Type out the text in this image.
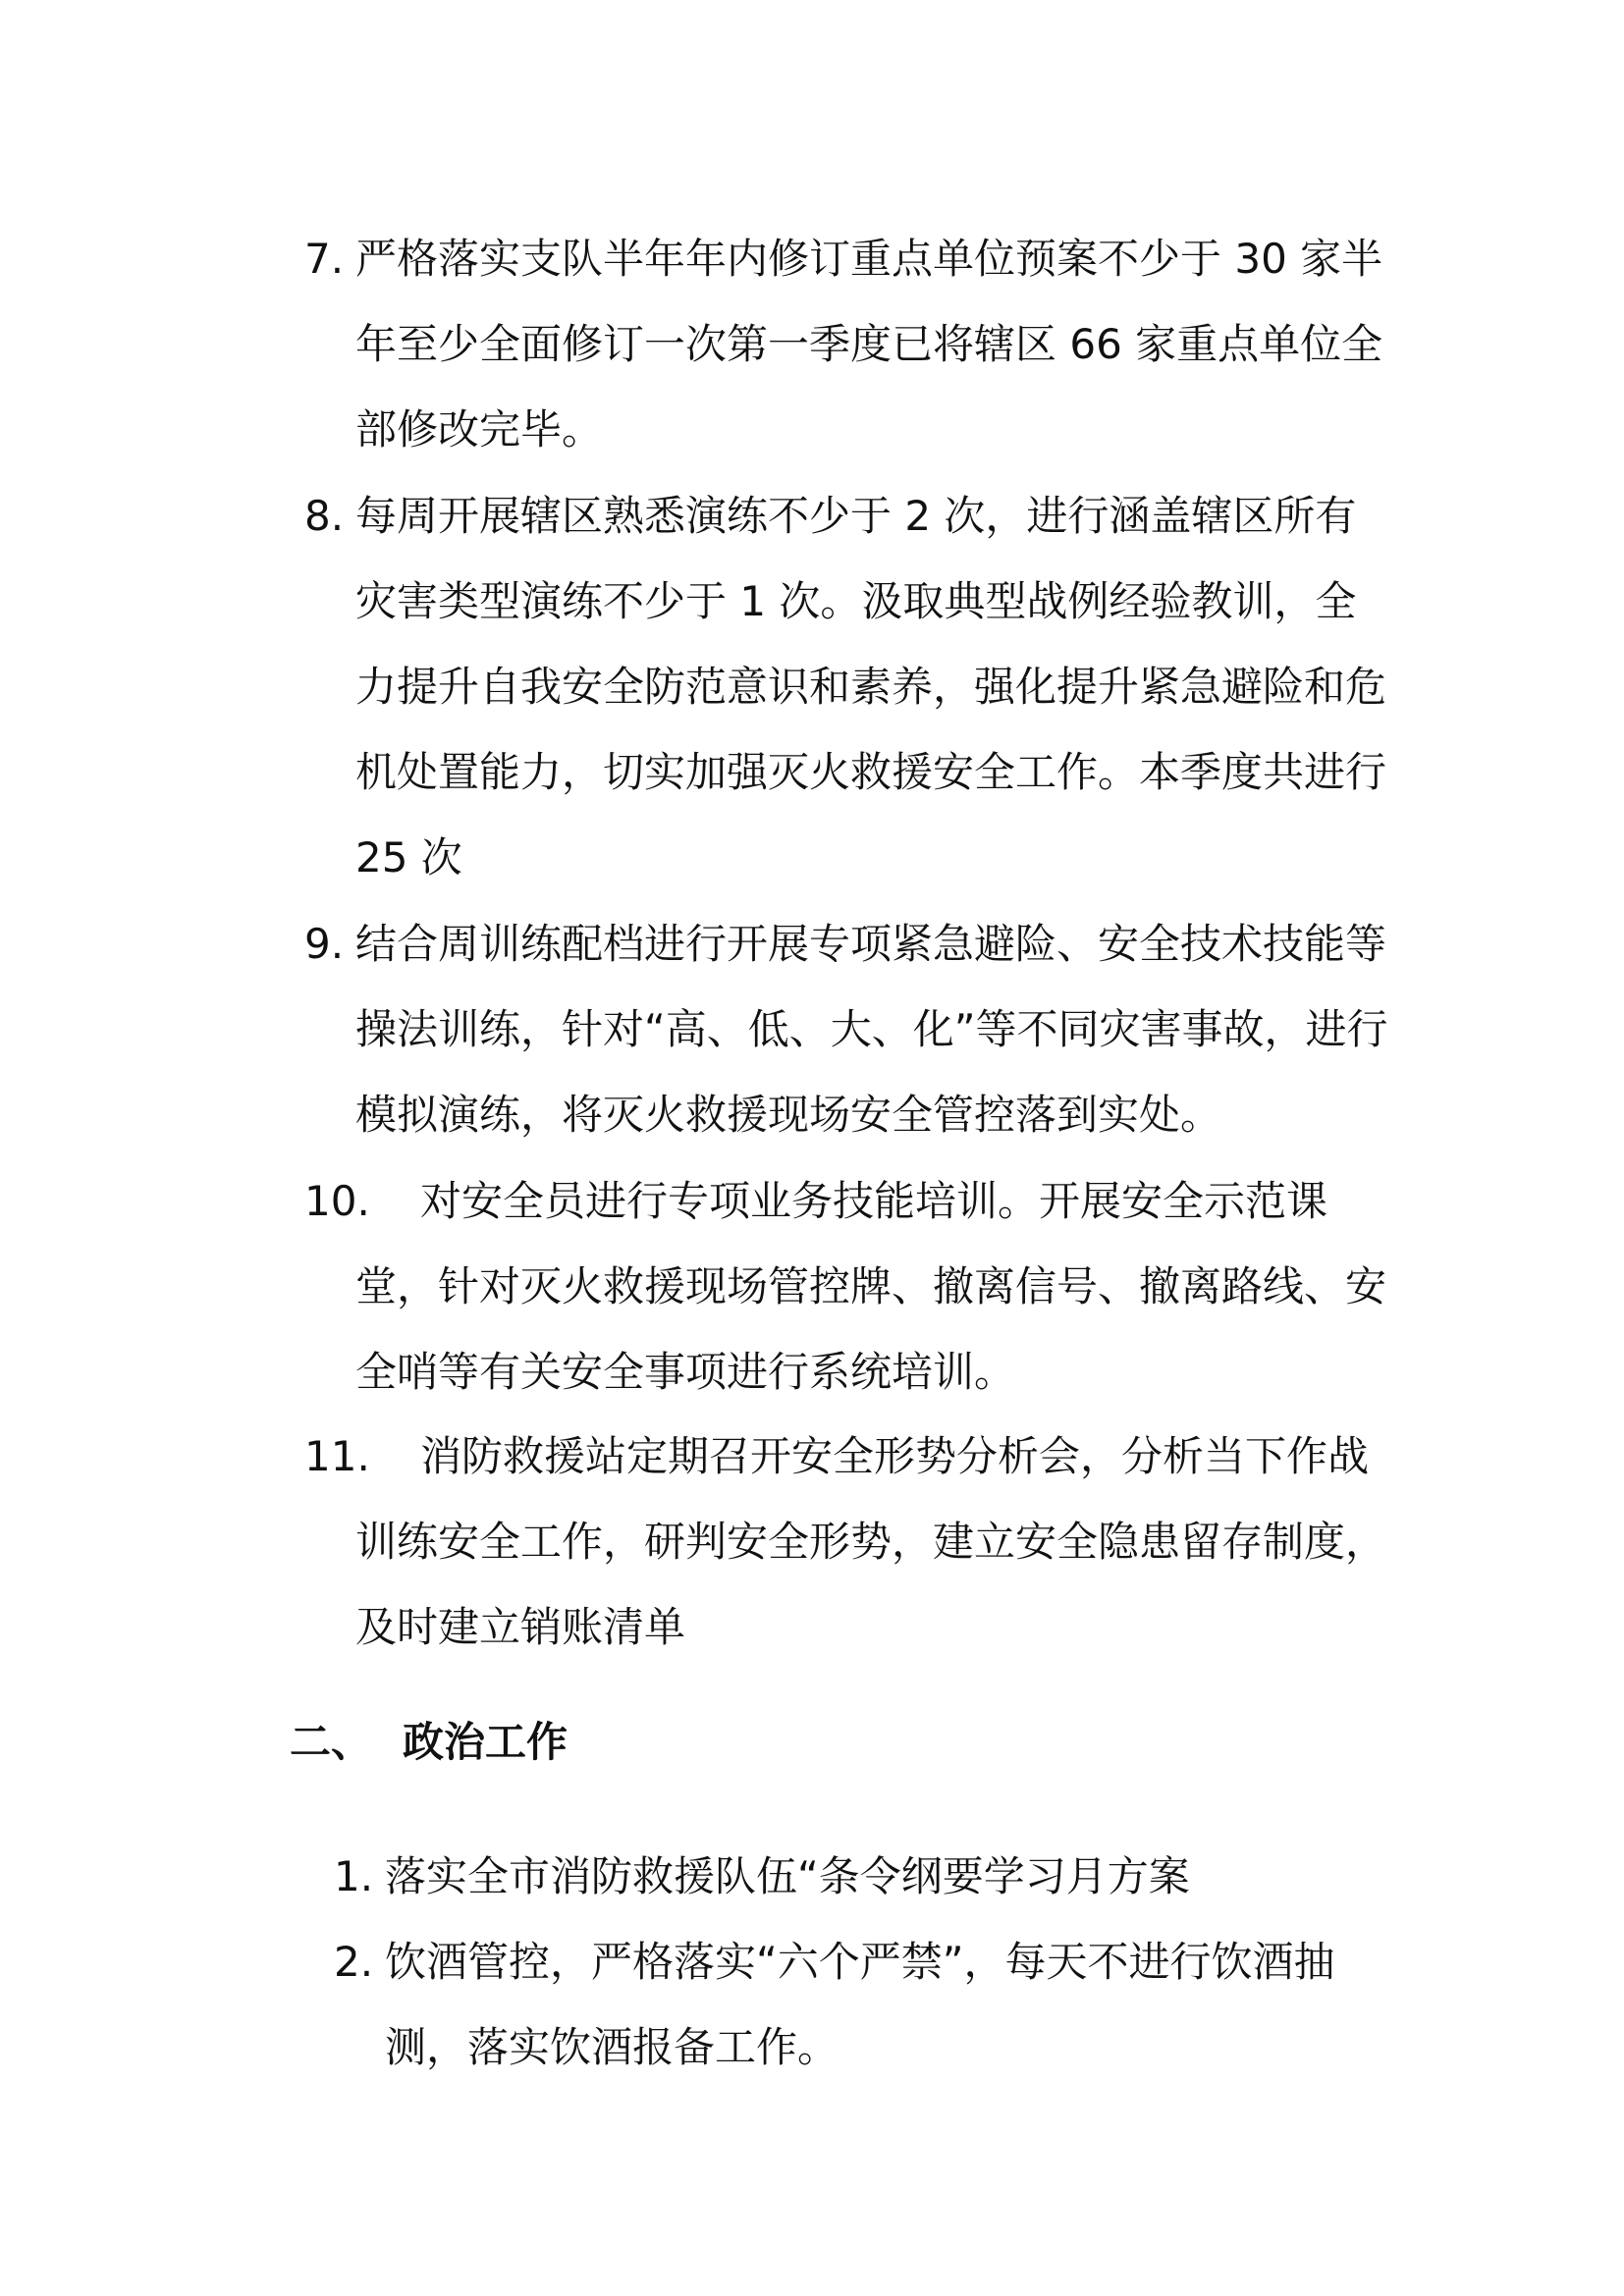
7. 严格落实支队半年年内修订重点单位预案不少于 30 家半年至少全面修订一次第一季度已将辖区 66 家重点单位全部修改完毕。
8. 每周开展辖区熟悉演练不少于 2 次，进行涵盖辖区所有灾害类型演练不少于 1 次。汲取典型战例经验教训，全力提升自我安全防范意识和素养，强化提升紧急避险和危机处置能力，切实加强灭火救援安全工作。本季度共进行 25 次
9. 结合周训练配档进行开展专项紧急避险、安全技术技能等操法训练，针对“高、低、大、化”等不同灾害事故，进行模拟演练，将灭火救援现场安全管控落到实处。
10.	对安全员进行专项业务技能培训。开展安全示范课堂，针对灭火救援现场管控牌、撤离信号、撤离路线、安全哨等有关安全事项进行系统培训。
11.	消防救援站定期召开安全形势分析会，分析当下作战训练安全工作，研判安全形势，建立安全隐患留存制度，及时建立销账清单
二、 政治工作
1. 落实全市消防救援队伍“条令纲要学习月方案
2. 饮酒管控，严格落实“六个严禁”，每天不进行饮酒抽测，落实饮酒报备工作。
